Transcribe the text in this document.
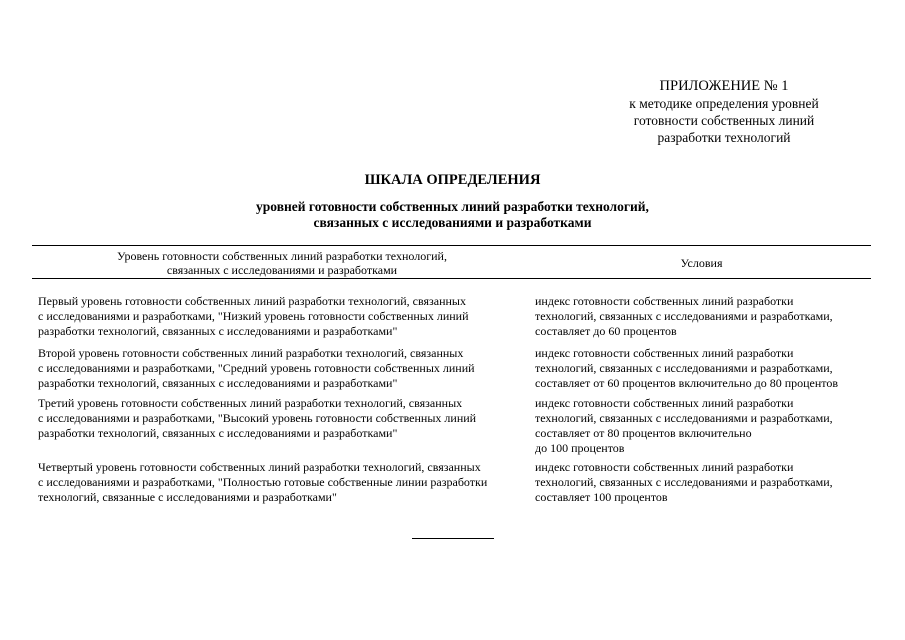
ПРИЛОЖЕНИЕ № 1
к методике определения уровней
готовности собственных линий
разработки технологий
ШКАЛА ОПРЕДЕЛЕНИЯ
уровней готовности собственных линий разработки технологий,
связанных с исследованиями и разработками
Уровень готовности собственных линий разработки технологий,
связанных с исследованиями и разработками	Условия
Первый уровень готовности собственных линий разработки технологий, связанных
с исследованиями и разработками, "Низкий уровень готовности собственных линий
разработки технологий, связанных с исследованиями и разработками"
индекс готовности собственных линий разработки
технологий, связанных с исследованиями и разработками,
составляет до 60 процентов
Второй уровень готовности собственных линий разработки технологий, связанных
с исследованиями и разработками, "Средний уровень готовности собственных линий
разработки технологий, связанных с исследованиями и разработками"
индекс готовности собственных линий разработки
технологий, связанных с исследованиями и разработками,
составляет от 60 процентов включительно до 80 процентов
Третий уровень готовности собственных линий разработки технологий, связанных
с исследованиями и разработками, "Высокий уровень готовности собственных линий
разработки технологий, связанных с исследованиями и разработками"
индекс готовности собственных линий разработки
технологий, связанных с исследованиями и разработками,
составляет от 80 процентов включительно
до 100 процентов
Четвертый уровень готовности собственных линий разработки технологий, связанных
с исследованиями и разработками, "Полностью готовые собственные линии разработки
технологий, связанные с исследованиями и разработками"
индекс готовности собственных линий разработки
технологий, связанных с исследованиями и разработками,
составляет 100 процентов
